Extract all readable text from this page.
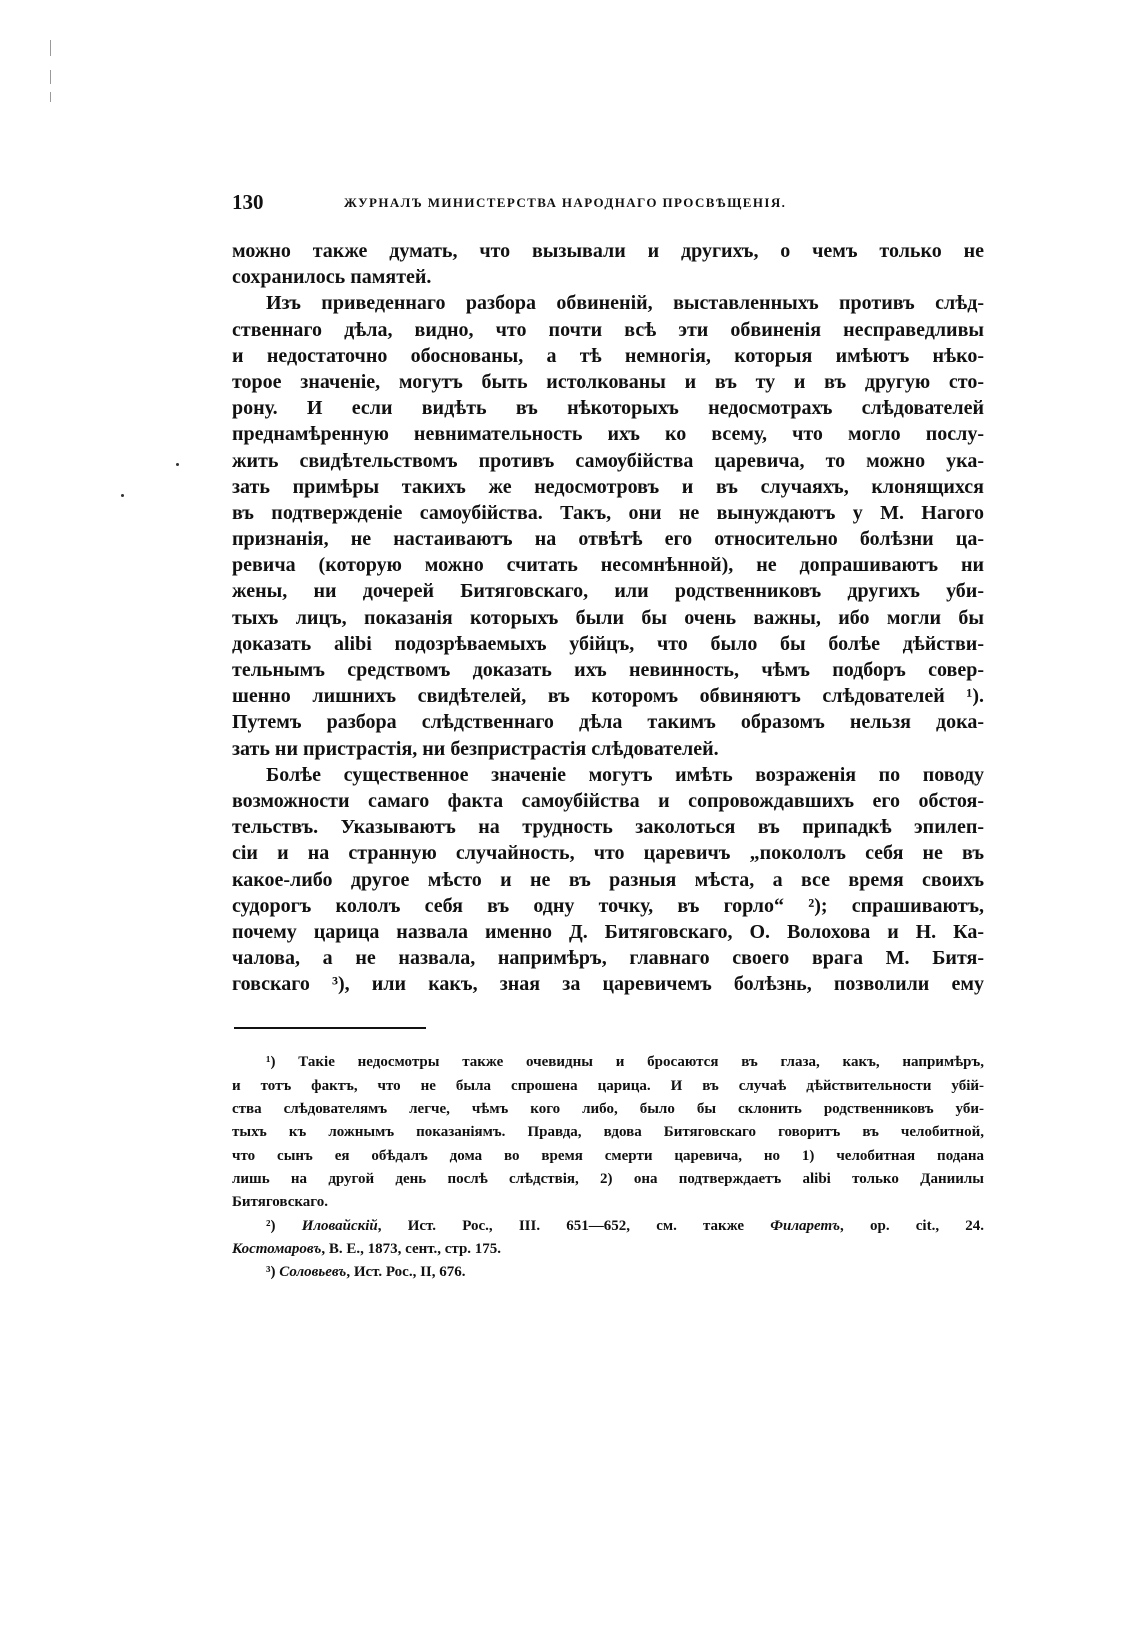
130	ЖУРНАЛЪ МИНИСТЕРСТВА НАРОДНАГО ПРОСВѢЩЕНІЯ.
можно также думать, что вызывали и другихъ, о чемъ только не
сохранилось памятей.
Изъ приведеннаго разбора обвиненій, выставленныхъ противъ слѣд-
ственнаго дѣла, видно, что почти всѣ эти обвиненія несправедливы
и недостаточно обоснованы, а тѣ немногія, которыя имѣютъ нѣко-
торое значеніе, могутъ быть истолкованы и въ ту и въ другую сто-
рону. И если видѣть въ нѣкоторыхъ недосмотрахъ слѣдователей
преднамѣренную невнимательность ихъ ко всему, что могло послу-
жить свидѣтельствомъ противъ самоубійства царевича, то можно ука-
зать примѣры такихъ же недосмотровъ и въ случаяхъ, клонящихся
въ подтвержденіе самоубійства. Такъ, они не вынуждаютъ у М. Нагого
признанія, не настаиваютъ на отвѣтѣ его относительно болѣзни ца-
ревича (которую можно считать несомнѣнной), не допрашиваютъ ни
жены, ни дочерей Битяговскаго, или родственниковъ другихъ уби-
тыхъ лицъ, показанія которыхъ были бы очень важны, ибо могли бы
доказать alibi подозрѣваемыхъ убійцъ, что было бы болѣе дѣйстви-
тельнымъ средствомъ доказать ихъ невинность, чѣмъ подборъ совер-
шенно лишнихъ свидѣтелей, въ которомъ обвиняютъ слѣдователей ¹).
Путемъ разбора слѣдственнаго дѣла такимъ образомъ нельзя дока-
зать ни пристрастія, ни безпристрастія слѣдователей.
Болѣе существенное значеніе могутъ имѣть возраженія по поводу
возможности самаго факта самоубійства и сопровождавшихъ его обстоя-
тельствъ. Указываютъ на трудность заколоться въ припадкѣ эпилеп-
сіи и на странную случайность, что царевичъ „покололъ себя не въ
какое-либо другое мѣсто и не въ разныя мѣста, а все время своихъ
судорогъ кололъ себя въ одну точку, въ горло“ ²); спрашиваютъ,
почему царица назвала именно Д. Битяговскаго, О. Волохова и Н. Ка-
чалова, а не назвала, напримѣръ, главнаго своего врага М. Битя-
говскаго ³), или какъ, зная за царевичемъ болѣзнь, позволили ему
¹) Такіе недосмотры также очевидны и бросаются въ глаза, какъ, напримѣръ,
и тотъ фактъ, что не была спрошена царица. И въ случаѣ дѣйствительности убій-
ства слѣдователямъ легче, чѣмъ кого либо, было бы склонить родственниковъ уби-
тыхъ къ ложнымъ показаніямъ. Правда, вдова Битяговскаго говоритъ въ челобитной,
что сынъ ея обѣдалъ дома во время смерти царевича, но 1) челобитная подана
лишь на другой день послѣ слѣдствія, 2) она подтверждаетъ alibi только Даниилы
Битяговскаго.
²) Иловайскій, Ист. Рос., III. 651—652, см. также Филаретъ, op. cit., 24.
Костомаровъ, В. Е., 1873, сент., стр. 175.
³) Соловьевъ, Ист. Рос., II, 676.
